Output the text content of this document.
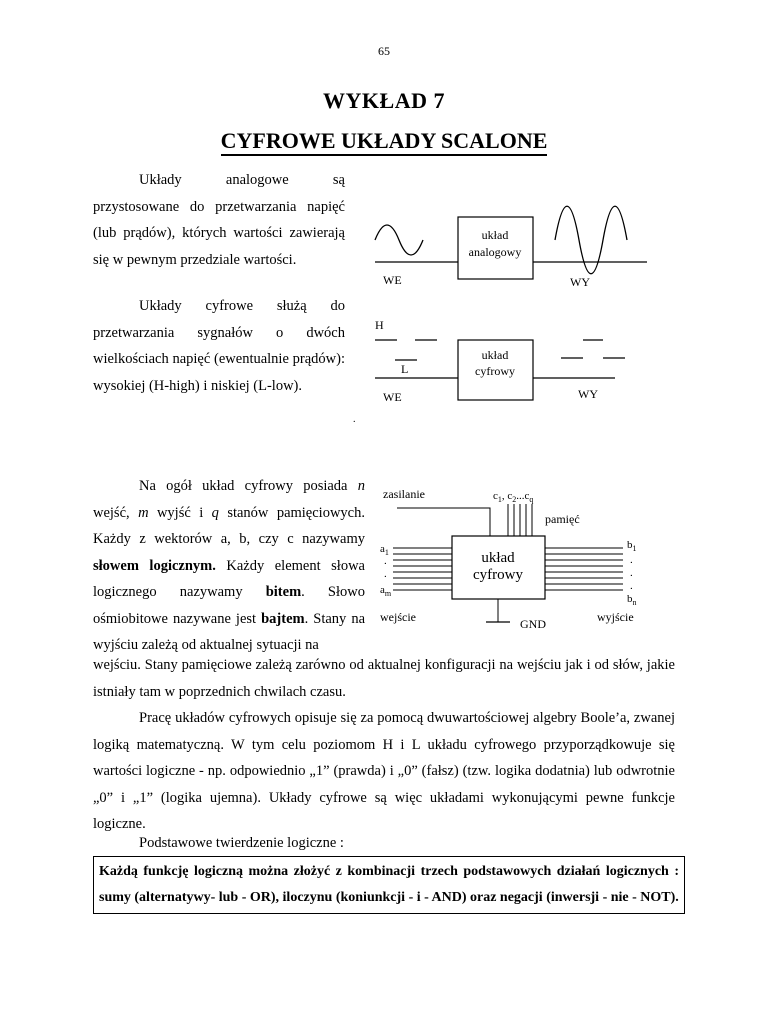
65
WYKŁAD 7
CYFROWE UKŁADY SCALONE
Układy analogowe są przystosowane do przetwarzania napięć (lub prądów), których wartości zawierają się w pewnym przedziale wartości.
Układy cyfrowe służą do przetwarzania sygnałów o dwóch wielkościach napięć (ewentualnie prądów): wysokiej (H-high) i niskiej (L-low).
Na ogół układ cyfrowy posiada n wejść, m wyjść i q stanów pamięciowych. Każdy z wektorów a, b, czy c nazywamy słowem logicznym. Każdy element słowa logicznego nazywamy bitem. Słowo ośmiobitowe nazywane jest bajtem. Stany na wyjściu zależą od aktualnej sytuacji na
wejściu. Stany pamięciowe zależą zarówno od aktualnej konfiguracji na wejściu jak i od słów, jakie istniały tam w poprzednich chwilach czasu.
Pracę układów cyfrowych opisuje się za pomocą dwuwartościowej algebry Boole’a, zwanej logiką matematyczną. W tym celu poziomom H i L układu cyfrowego przyporządkowuje się wartości logiczne - np. odpowiednio „1” (prawda) i „0” (fałsz) (tzw. logika dodatnia) lub odwrotnie „0” i „1” (logika ujemna). Układy cyfrowe są więc układami wykonującymi pewne funkcje logiczne.
Podstawowe twierdzenie logiczne :
Każdą funkcję logiczną można złożyć z kombinacji trzech podstawowych działań logicznych : sumy (alternatywy- lub - OR), iloczynu (koniunkcji - i - AND) oraz negacji (inwersji - nie - NOT).
układ
analogowy
WE	WY
H
L
układ
cyfrowy
WE	WY
.
zasilanie	$c_1$, $c_2...c_q$
pamięć
układ
cyfrowy
$a_1$
.
.
$a_m$
$b_1$
.
.
.
$b_n$
wejście	wyjście
GND
